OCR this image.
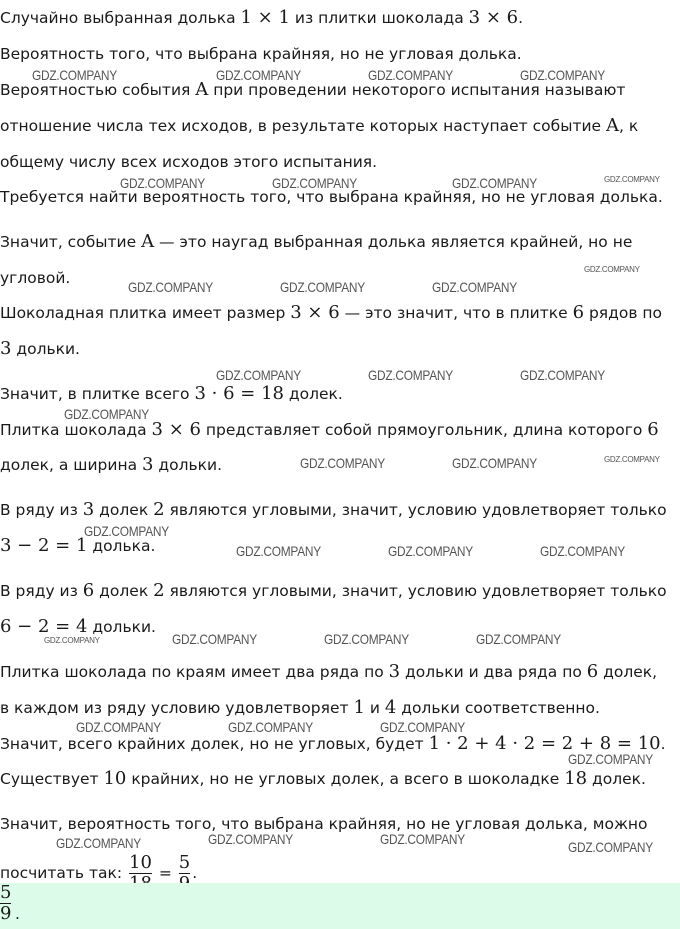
Случайно выбранная долька 1 × 1 из плитки шоколада 3 × 6.
Вероятность того, что выбрана крайняя, но не угловая долька.
Вероятностью события A при проведении некоторого испытания называют
отношение числа тех исходов, в результате которых наступает событие A, к
общему числу всех исходов этого испытания.
Требуется найти вероятность того, что выбрана крайняя, но не угловая долька.
Значит, событие A — это наугад выбранная долька является крайней, но не
угловой.
Шоколадная плитка имеет размер 3 × 6 — это значит, что в плитке 6 рядов по
3 дольки.
Значит, в плитке всего 3 · 6 = 18 долек.
Плитка шоколада 3 × 6 представляет собой прямоугольник, длина которого 6
долек, а ширина 3 дольки.
В ряду из 3 долек 2 являются угловыми, значит, условию удовлетворяет только
3 − 2 = 1 долька.
В ряду из 6 долек 2 являются угловыми, значит, условию удовлетворяет только
6 − 2 = 4 дольки.
Плитка шоколада по краям имеет два ряда по 3 дольки и два ряда по 6 долек,
в каждом из ряду условию удовлетворяет 1 и 4 дольки соответственно.
Значит, всего крайних долек, но не угловых, будет 1 · 2 + 4 · 2 = 2 + 8 = 10.
Существует 10 крайних, но не угловых долек, а всего в шоколадке 18 долек.
Значит, вероятность того, что выбрана крайняя, но не угловая долька, можно
посчитать так: 10 = 5 .
GDZ.COMPANY	GDZ.COMPANY	GDZ.COMPANY	GDZ.COMPANY
GDZ.COMPANY	GDZ.COMPANY	GDZ.COMPANY	GDZ.COMPANY
GDZ.COMPANY
GDZ.COMPANY	GDZ.COMPANY	GDZ.COMPANY
GDZ.COMPANY	GDZ.COMPANY	GDZ.COMPANY
GDZ.COMPANY
GDZ.COMPANY	GDZ.COMPANY	GDZ.COMPANY
GDZ.COMPANY
GDZ.COMPANY	GDZ.COMPANY	GDZ.COMPANY
GDZ.COMPANY	GDZ.COMPANY	GDZ.COMPANY	GDZ.COMPANY
GDZ.COMPANY	GDZ.COMPANY	GDZ.COMPANY
GDZ.COMPANY
GDZ.COMPANY	GDZ.COMPANY	GDZ.COMPANY	GDZ.COMPANY
5
9 .
